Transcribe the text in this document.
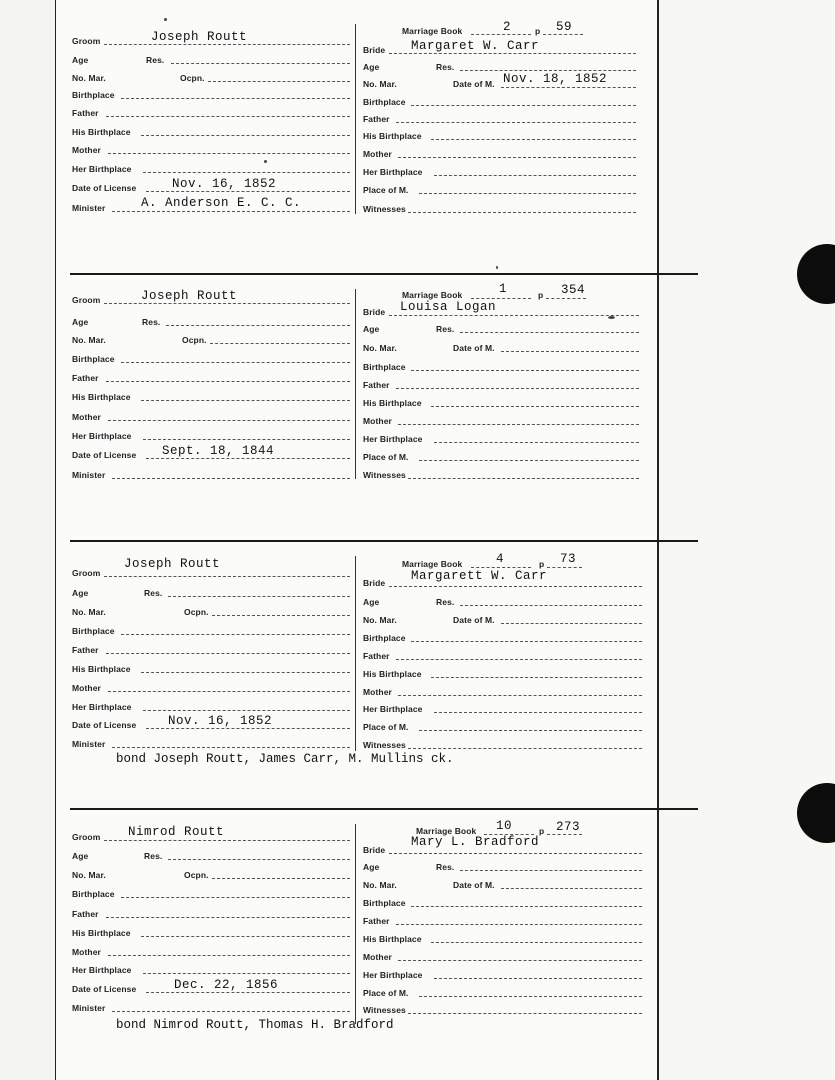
Groom	Joseph Routt
Age	Res.
No. Mar.	Ocpn.
Birthplace
Father
His Birthplace
Mother
Her Birthplace
Date of License	Nov. 16, 1852
Minister	A. Anderson E. C. C.
Marriage Book	2	p 59
Bride Margaret W. Carr
Age	Res.
No. Mar.	Date of M. Nov. 18, 1852
Birthplace
Father
His Birthplace
Mother
Her Birthplace
Place of M.
Witnesses
Groom	Joseph Routt
Age	Res.
No. Mar.	Ocpn.
Birthplace
Father
His Birthplace
Mother
Her Birthplace
Date of License Sept. 18, 1844
Minister
Marriage Book	1	p 354
Bride Louisa Logan
Age	Res.
No. Mar.	Date of M.
Birthplace
Father
His Birthplace
Mother
Her Birthplace
Place of M.
Witnesses
Groom
Joseph Routt
Age	Res.
No. Mar.	Ocpn.
Birthplace
Father
His Birthplace
Mother
Her Birthplace
Date of License	Nov. 16, 1852
Minister
Marriage Book	4	p 73
Bride Margarett W. Carr
Age	Res.
No. Mar.	Date of M.
Birthplace
Father
His Birthplace
Mother
Her Birthplace
Place of M.
Witnesses
bond Joseph Routt, James Carr, M. Mullins ck.
Groom Nimrod Routt
Age	Res.
No. Mar.	Ocpn.
Birthplace
Father
His Birthplace
Mother
Her Birthplace
Date of License	Dec. 22, 1856
Minister
Marriage Book 10	p 273
Bride
Mary L. Bradford
Age	Res.
No. Mar.	Date of M.
Birthplace
Father
His Birthplace
Mother
Her Birthplace
Place of M.
Witnesses
bond Nimrod Routt, Thomas H. Bradford
